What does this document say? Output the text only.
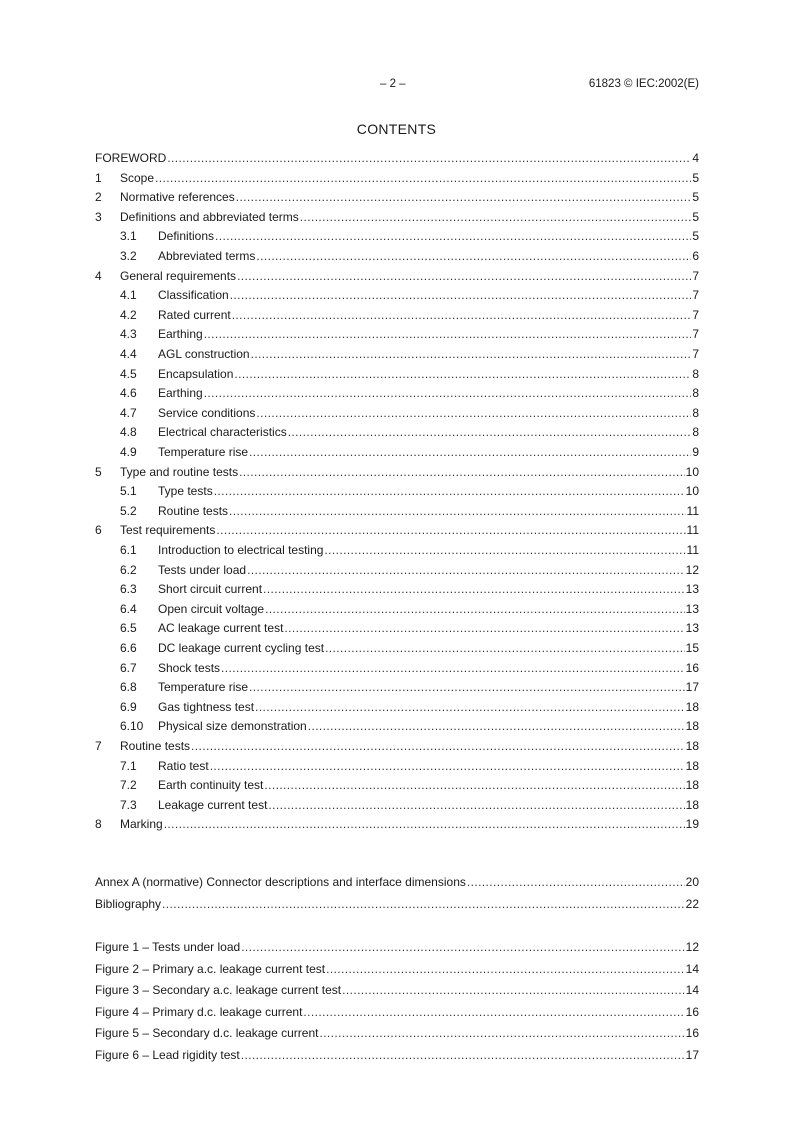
– 2 –	61823 © IEC:2002(E)
CONTENTS
FOREWORD .....	4
1	Scope .....	5
2	Normative references .....	5
3	Definitions and abbreviated terms .....	5
3.1	Definitions .....	5
3.2	Abbreviated terms .....	6
4	General requirements .....	7
4.1	Classification .....	7
4.2	Rated current .....	7
4.3	Earthing .....	7
4.4	AGL construction .....	7
4.5	Encapsulation .....	8
4.6	Earthing .....	8
4.7	Service conditions .....	8
4.8	Electrical characteristics .....	8
4.9	Temperature rise .....	9
5	Type and routine tests .....	10
5.1	Type tests .....	10
5.2	Routine tests .....	11
6	Test requirements .....	11
6.1	Introduction to electrical testing .....	11
6.2	Tests under load .....	12
6.3	Short circuit current .....	13
6.4	Open circuit voltage .....	13
6.5	AC leakage current test .....	13
6.6	DC leakage current cycling test .....	15
6.7	Shock tests .....	16
6.8	Temperature rise .....	17
6.9	Gas tightness test .....	18
6.10	Physical size demonstration .....	18
7	Routine tests .....	18
7.1	Ratio test .....	18
7.2	Earth continuity test .....	18
7.3	Leakage current test .....	18
8	Marking .....	19
Annex A (normative) Connector descriptions and interface dimensions .....	20
Bibliography .....	22
Figure 1 – Tests under load .....	12
Figure 2 – Primary a.c. leakage current test .....	14
Figure 3 – Secondary a.c. leakage current test .....	14
Figure 4 – Primary d.c. leakage current .....	16
Figure 5 – Secondary d.c. leakage current .....	16
Figure 6 – Lead rigidity test .....	17
